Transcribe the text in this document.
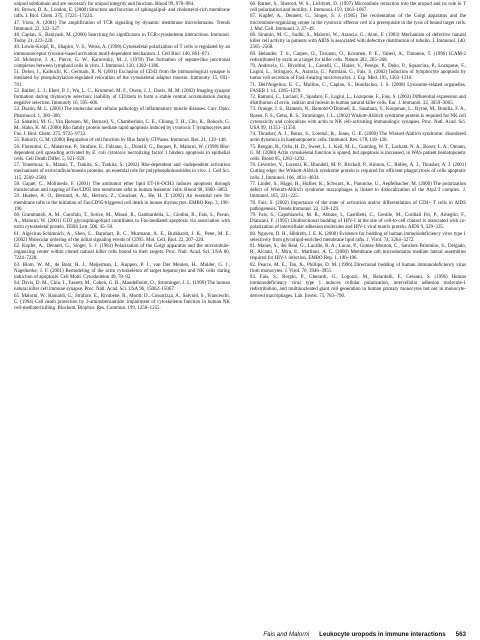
unipod subdomain and are necessary for unipod integrity and function. Blood 99, 978–984.

46. Brown, D. A., London, E. (2000) Structure and function of sphingolipid- and cholesterol-rich membrane rafts. J. Biol. Chem. 275, 17221–17224.

47. Viola, A. (2001) The amplification of TCR signaling by dynamic membrane microdomains. Trends Immunol. 22, 322–327.

48. Caplan, S., Baniyash, M. (2000) Searching for significance in TCR-cytoskeleton interactions. Immunol. Today 21, 223–228.

49. Lowin-Kropf, B., Shapiro, V. S., Weiss, A. (1998) Cytoskeletal polarization of T cells is regulated by an immunoreceptor tyrosine-based activation motif-dependent mechanism. J. Cell Biol. 140, 861–871.

50. McIntyre, J. A., Pierce, G. W., Karnovsky, M. J. (1978) The formation of septate-like junctional complexes between lymphoid cells in vitro. J. Immunol. 120, 1382–1386.

51. Delon, J., Kaibuchi, K., Germain, R. N. (2001) Exclusion of CD43 from the immunological synapse is mediated by phosphorylation-regulated relocation of the cytoskeletal adaptor moesin. Immunity 15, 691–701.

52. Barber, L. J., Ebert, P. J., Wu, L. C., Krummel, M. F., Owen, J. J., Davis, M. M. (2002) Imaging synapse formation during thymocyte selection: inability of CD3zeta to form a stable central accumulation during negative selection. Immunity 16, 595–606.

53. Dustin, M. L. (2001) The molecular and cellular pathology of inflammatory muscle diseases. Curr. Opin. Pharmacol. 1, 300–306.

54. Sabatini, M. G., Van Horssen, M., Bernard, V., Chamberlain, C. E., Chiang, T. H., Chu, K., Bokoch, G. M., Hahn, K. M. (2000) Rho family protein mediate rapid apoptosis induced by cytotoxic T lymphocytes and Fas. J. Biol. Chem. 275, 9725–9733.

55. Bokoch, G. M. (2000) Regulation of cell function by Rho family GTPases. Immunol. Res. 21, 139–148.

56. Fiorentini, C., Matarrese, P., Straface, E., Falzano, L., Donelli, G., Boquet, P., Malorni, W. (1998) Rho-dependent cell spreading activated by E. coli cytotoxic necrotizing factor 1 hinders apoptosis in epithelial cells. Cell Death Differ. 5, 921–929.

57. Yonemura, S., Matsui, T., Tsukita, S., Tsukita, S. (2002) Rho-dependent and -independent activation mechanisms of ezrin/radixin/moesin proteins: an essential role for polyphosphoinositides in vivo. J. Cell Sci. 115, 2569–2580.

58. Gajate, C., Mollinedo, F. (2001) The antitumor ether lipid ET-18-OCH3 induces apoptosis through translocation and capping of Fas/CD95 into membrane rafts in human leukemic cells. Blood 98, 3860–3863.

59. Hueber, A. O., Bernard, A. M., Herincs, Z., Couzinet, A., He, H. T. (2002) An essential role for membrane rafts in the initiation of Fas/CD95-triggered cell death in mouse thymocytes. EMBO Rep. 3, 190–196.

60. Grammatoli, A. M., Garofalo, T., Sorice, M., Misasi, R., Gambardella, L., Giodini, R., Fais, S., Pavan, A., Malorni, W. (2001) GD3 glycosphingolipid contributes to Fas-mediated apoptosis via association with ezrin cytoskeletal protein. FEBS Lett. 506, 45–50.

61. Algeciras-Schimnich, A., Shen, L., Barnhart, B. C., Murmann, A. E., Burkhardt, J. K., Peter, M. E. (2002) Molecular ordering of the initial signaling events of CD95. Mol. Cell. Biol. 22, 207–220.

62. Kupfer, A., Dennert, G., Singer, S. J. (1983) Polarization of the Golgi apparatus and the microtubule-organizing center within cloned natural killer cells bound to their targets. Proc. Natl. Acad. Sci. USA 80, 7224–7228.

63. Blom, W. M., de Bont, H. J., Meijerman, I., Kuppen, P. J., van Der Meulen, H., Mulder, G. J., Nagelkerke, J. F. (2001) Remodeling of the actin cytoskeleton of target hepatocytes and NK cells during induction of apoptosis. Cell Motil. Cytoskeleton 49, 78–92.

64. Davis, D. M., Chiu, I., Fassett, M., Cohen, G. B., Mandelboim, O., Strominger, J. L. (1999) The human natural killer cell immune synapse. Proc. Natl. Acad. Sci. USA 96, 15062–15067.

65. Malorni, W., Rainaldi, G., Straface, E., Rivabene, R., Monti, D., Cossarizza, A., Salvioli, S., Franceschi, C. (1994) Cell death protection by 3-aminobenzamide: impairment of cytoskeleton function in human NK cell-mediated killing. Biochem. Biophys. Res. Commun. 199, 1250–1255.

66. Ratner, S., Sherrod, W. S., Lichlyter, D. (1997) Microtubule retraction into the uropod and its role in T cell polarization and motility. J. Immunol. 159, 1063–1067.

67. Kupfer, A., Dennert, G., Singer, S. J. (1985) The reorientation of the Golgi apparatus and the microtubule-organizing center in the cytotoxic effector cell is a prerequisite in the lysis of bound target cells. J. Mol. Cell. Immunol. 2, 37–49.

68. Siramin, M. C., Sudhi, S., Malorni, W., Arancia, G., Ainti, F. (1983) Mechanism of defective natural killer cell activity in patients with AIDS is associated with defective distribution of tubulin. J. Immunol. 140, 2565–2568.

69. Helander, T. S., Carpen, O., Turunen, O., Kovanen, P. E., Vaheri, A., Timonen, T. (1996) ICAM-2 redistributed by ezrin as a target for killer cells. Nature 382, 265–268.

70. Androvla, G., Rivoltini, L., Castelli, C., Huber, V., Perego, P., Deho, P., Squarcina, P., Lozupone, F., Lugini, L., Stringaro, A., Arancia, G., Parmiani, G., Fais, S. (2002) Induction of lymphocyte apoptosis by tumor cell secretion of FasL-bearing microvesicles. J. Exp. Med. 195, 1303–1316.

71. Dell'Angelica, E. C., Mullins, C., Caplan, S., Bonifacino, J. S. (2000) Lysosome-related organelles. FASEB J. 14, 1265–1278.

72. Ramoni, C., Luciani, F., Spadaro, F., Lugini, L., Lozupone, F., Fais, S. (2002) Differential expression and distribution of ezrin, radixin and moesin in human natural killer cells. Eur. J. Immunol. 32, 3059–3065.

73. Orange, J. S., Ramesh, N., Remold-O'Donnell, E., Sasahara, Y., Koopman, L., Byrne, M., Bonilla, F. A., Rosen, F. S., Geha, R. S., Strominger, J. L. (2002) Wiskott-Aldrich syndrome protein is required for NK cell cytotoxicity and colocalizes with actin to NK cell-activating immunologic synapses. Proc. Natl. Acad. Sci. USA 99, 11351–11356.

74. Thrasher, A. J., Burns, S., Lorenzi, R., Jones, G. E. (2000) The Wiskott-Aldrich syndrome: disordered actin dynamics in haematopoietic cells. Immunol. Rev. 178, 118–128.

75. Rengan, R., Ochs, H. D., Sweet, L. I., Keil, M. L., Gunning, W. T., Lachant, N. A., Boxer, L. A., Omann, G. M. (2000) Actin cytoskeletal function is spared, but apoptosis is increased, in WAS patient hematopoietic cells. Blood 95, 1283–1292.

76. Leverrier, Y., Lorenzi, R., Blundell, M. P., Brickell, P., Kinnon, C., Ridley, A. J., Thrasher, A. J. (2001) Cutting edge: the Wiskott-Aldrich syndrome protein is required for efficient phagocytosis of cells apoptotic cells. J. Immunol. 166, 4831–4834.

77. Linder, S., Higgs, H., Hufner, K., Schwarz, K., Pannicke, U., Aepfelbacher, M. (2000) The polarization defect of Wiskott-Aldrich syndrome macrophages is linked to dislocalization of the Arp2/3 complex. J. Immunol. 165, 221–225.

78. Fais, S. (2002) Importance of the state of activation and/or differentiation of CD4+ T cells in AIDS pathogenesis. Trends Immunol. 23, 128–129.

79. Fais, S., Capobianchi, M. R., Abbate, I., Castilletti, C., Gentile, M., Cordiali Fei, P., Ameglio, F., Dianzani, F. (1995) Unidirectional budding of HIV-1 at the site of cell-to-cell contact is associated with co-polarization of intercellular adhesion molecules and HIV-1 viral matrix protein. AIDS 9, 329–335.

80. Nguyen, D. H., Hildreth, J. E. K. (2000) Evidence for budding of human immunodeficiency virus type 1 selectively from glycolipid-enriched membrane lipid rafts. J. Virol. 74, 3264–3272.

81. Manes, S., del Real, G., Lacalle, R. A., Lucas, P., Gomez-Mouton, C., Sanchez-Palomino, S., Delgado, R., Alcami, J., Mira, E., Martinez, A. C. (2000) Membrane raft microdomains mediate lateral assemblies required for HIV-1 infection. EMBO Rep. 1, 190–196.

82. Pearce, M. E., Tan, X., Phillips, D. M. (1996) Directional budding of human immunodeficiency virus from monocytes. J. Virol. 70, 3946–3951.

83. Fais, S., Borghi, P., Gherardi, G., Logozzi, M., Belardelli, F., Gessani, S. (1996) Human immunodeficiency virus type 1 induces cellular polarization, intercellular adhesion molecule-1 redistribution, and multinucleated giant cell generation in human primary monocytes but not in monocyte-derived macrophages. Lab. Invest. 75, 783–790.

Fais and Malorni Leukocyte uropods in immune interactions 563
